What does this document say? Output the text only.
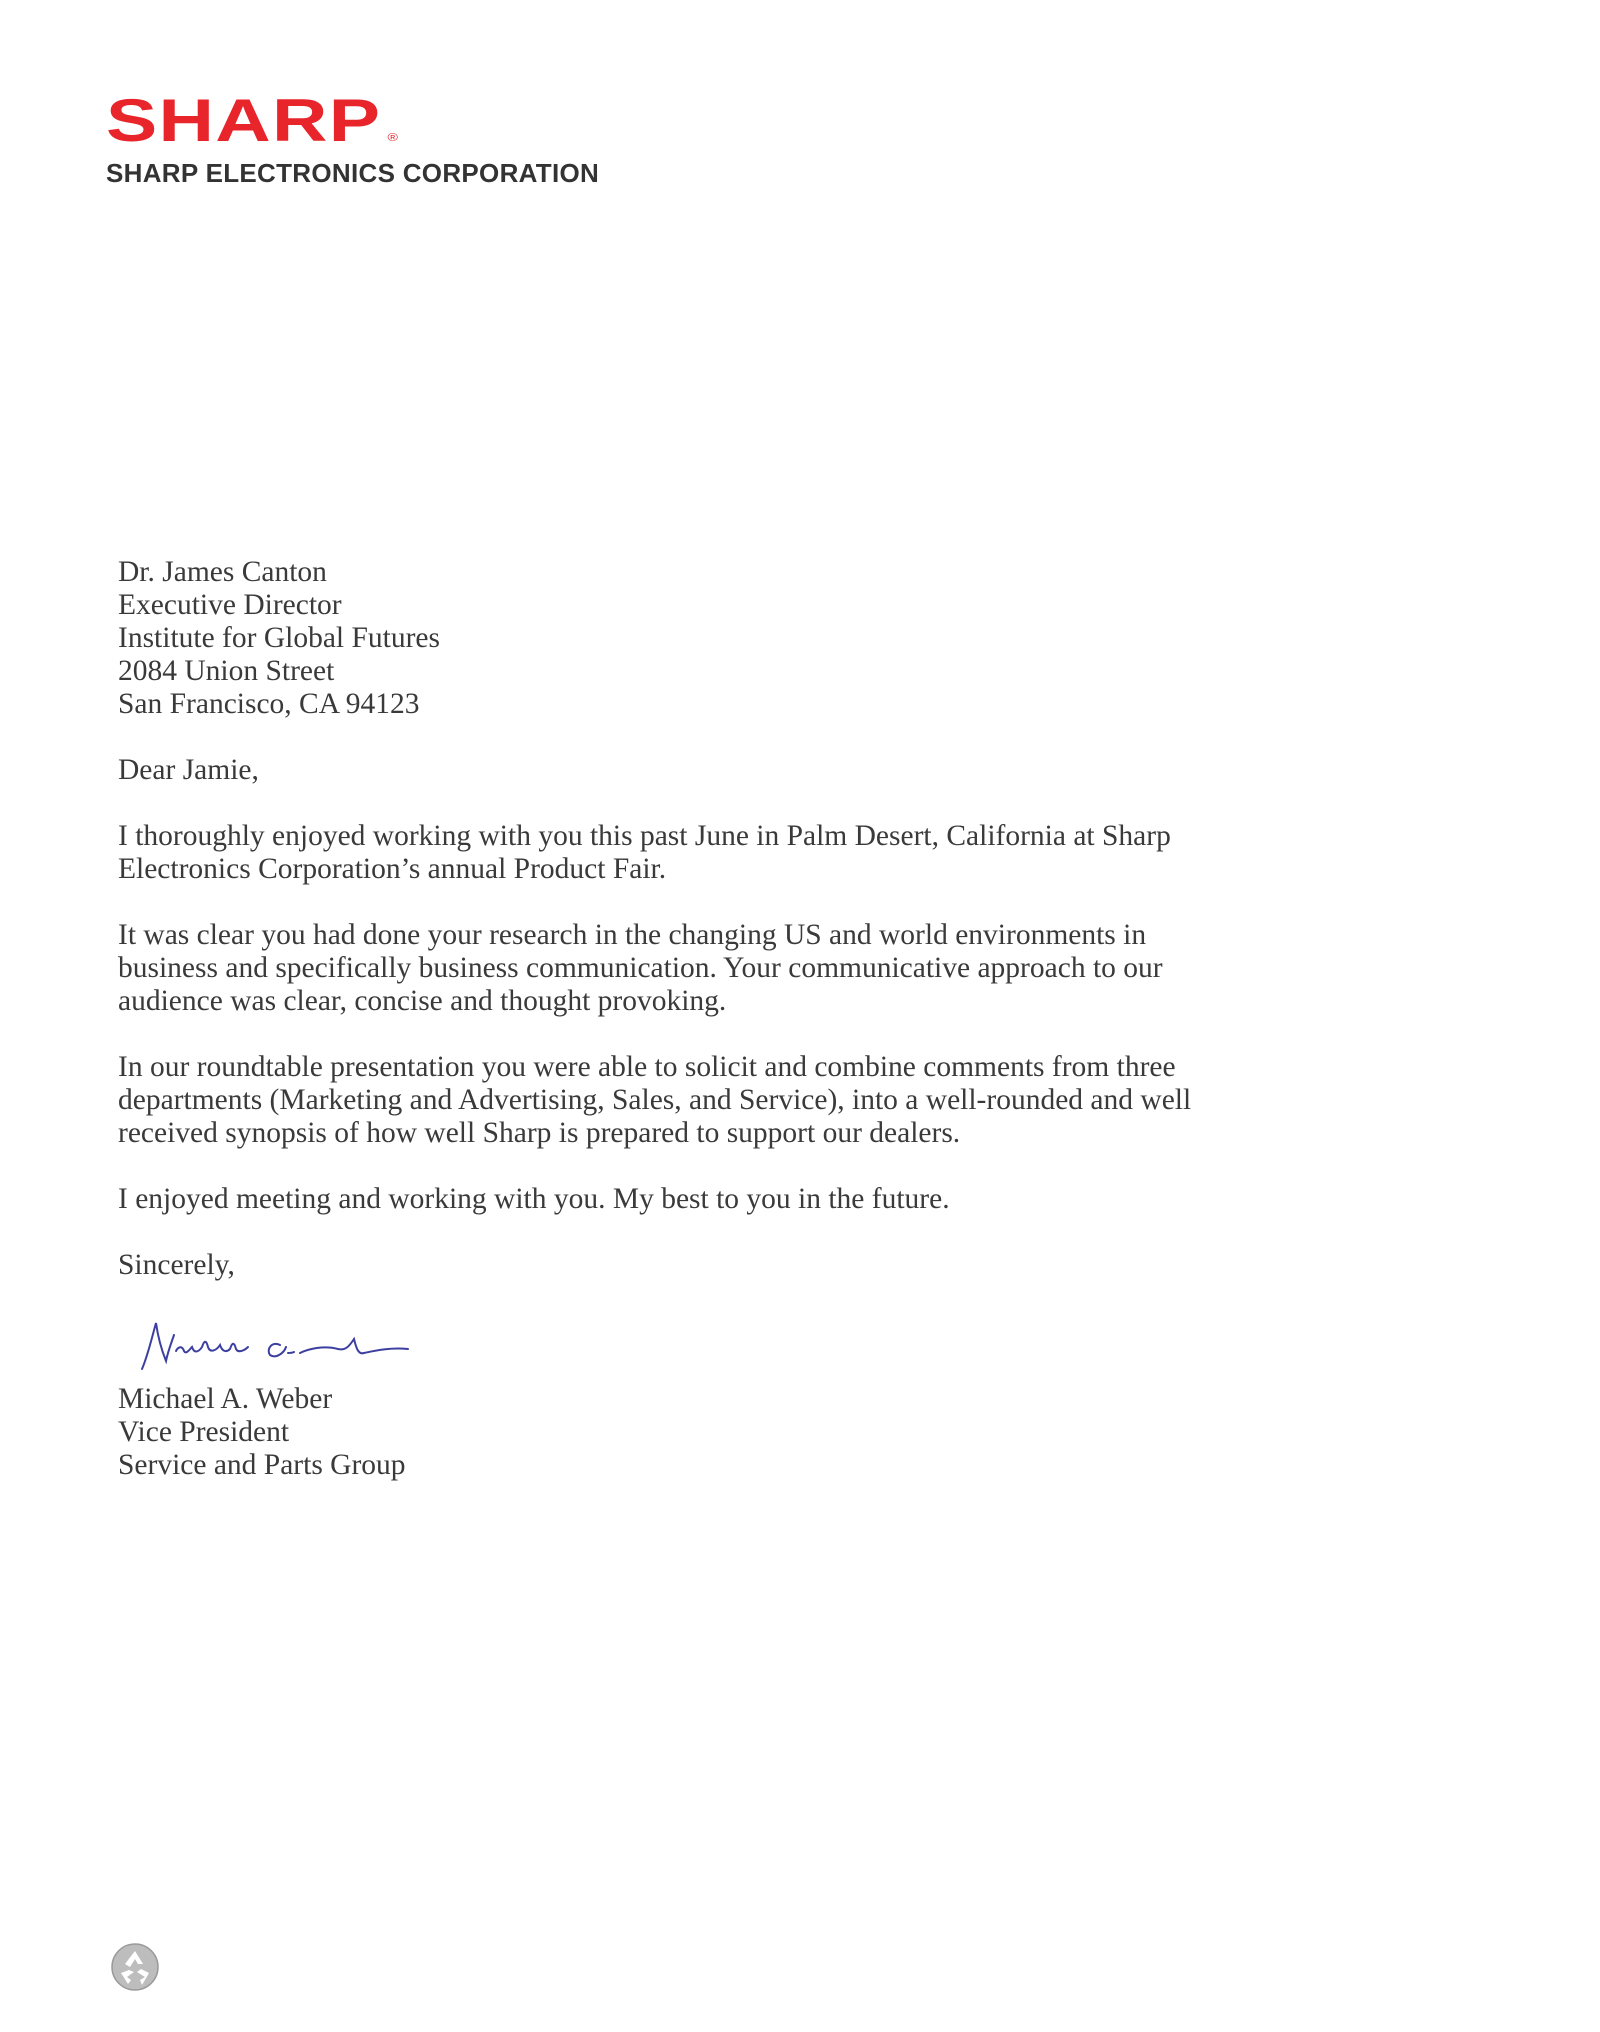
SHARP ®
SHARP ELECTRONICS CORPORATION

Dr. James Canton

Executive Director

Institute for Global Futures

2084 Union Street

San Francisco, CA 94123

Dear Jamie,

I thoroughly enjoyed working with you this past June in Palm Desert, California at Sharp
Electronics Corporation’s annual Product Fair.

It was clear you had done your research in the changing US and world environments in
business and specifically business communication. Your communicative approach to our
audience was clear, concise and thought provoking.

In our roundtable presentation you were able to solicit and combine comments from three
departments (Marketing and Advertising, Sales, and Service), into a well-rounded and well
received synopsis of how well Sharp is prepared to support our dealers.

I enjoyed meeting and working with you. My best to you in the future.

Sincerely,

Michael A. Weber

Vice President

Service and Parts Group
